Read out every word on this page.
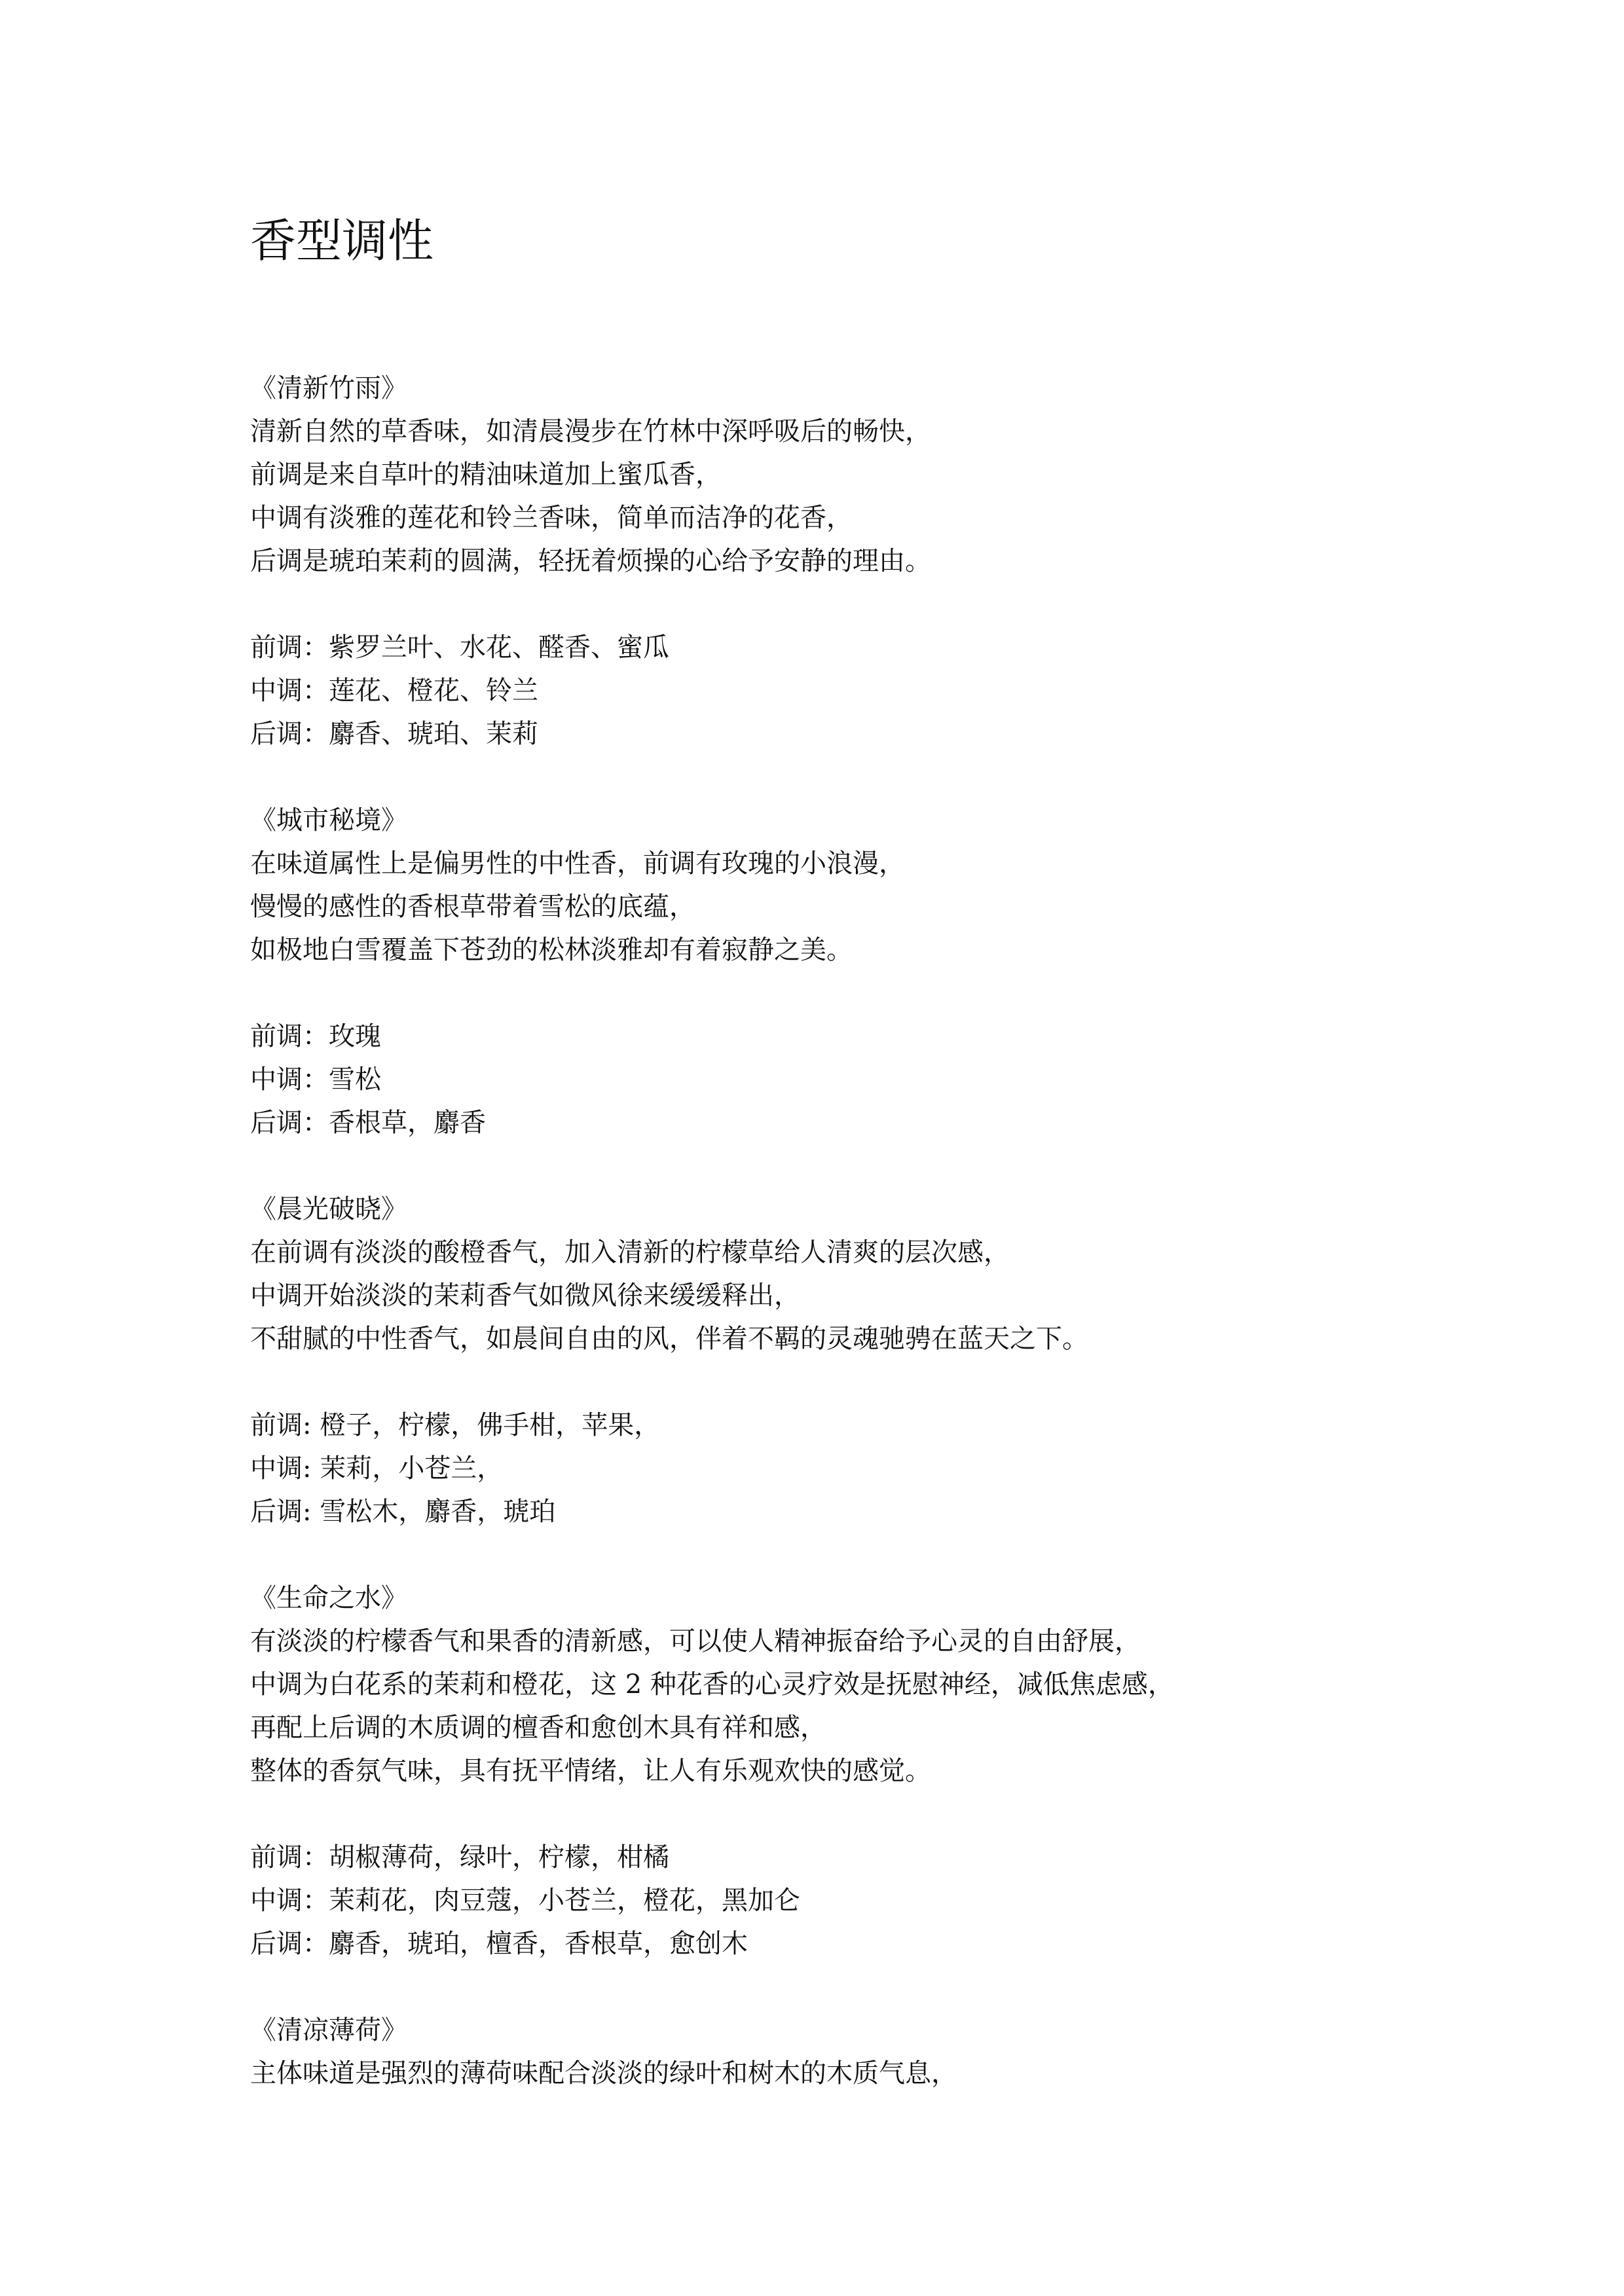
香型调性
《清新竹雨》
清新自然的草香味，如清晨漫步在竹林中深呼吸后的畅快，
前调是来自草叶的精油味道加上蜜瓜香，
中调有淡雅的莲花和铃兰香味，简单而洁净的花香，
后调是琥珀茉莉的圆满，轻抚着烦操的心给予安静的理由。
前调：紫罗兰叶、水花、醛香、蜜瓜
中调：莲花、橙花、铃兰
后调：麝香、琥珀、茉莉
《城市秘境》
在味道属性上是偏男性的中性香，前调有玫瑰的小浪漫，
慢慢的感性的香根草带着雪松的底蕴，
如极地白雪覆盖下苍劲的松林淡雅却有着寂静之美。
前调：玫瑰
中调：雪松
后调：香根草，麝香
《晨光破晓》
在前调有淡淡的酸橙香气，加入清新的柠檬草给人清爽的层次感，
中调开始淡淡的茉莉香气如微风徐来缓缓释出，
不甜腻的中性香气，如晨间自由的风，伴着不羁的灵魂驰骋在蓝天之下。
前调: 橙子，柠檬，佛手柑，苹果，
中调: 茉莉，小苍兰，
后调: 雪松木，麝香，琥珀
《生命之水》
有淡淡的柠檬香气和果香的清新感，可以使人精神振奋给予心灵的自由舒展，
中调为白花系的茉莉和橙花，这 2 种花香的心灵疗效是抚慰神经，减低焦虑感，
再配上后调的木质调的檀香和愈创木具有祥和感，
整体的香氛气味，具有抚平情绪，让人有乐观欢快的感觉。
前调：胡椒薄荷，绿叶，柠檬，柑橘
中调：茉莉花，肉豆蔻，小苍兰，橙花，黑加仑
后调：麝香，琥珀，檀香，香根草，愈创木
《清凉薄荷》
主体味道是强烈的薄荷味配合淡淡的绿叶和树木的木质气息，
